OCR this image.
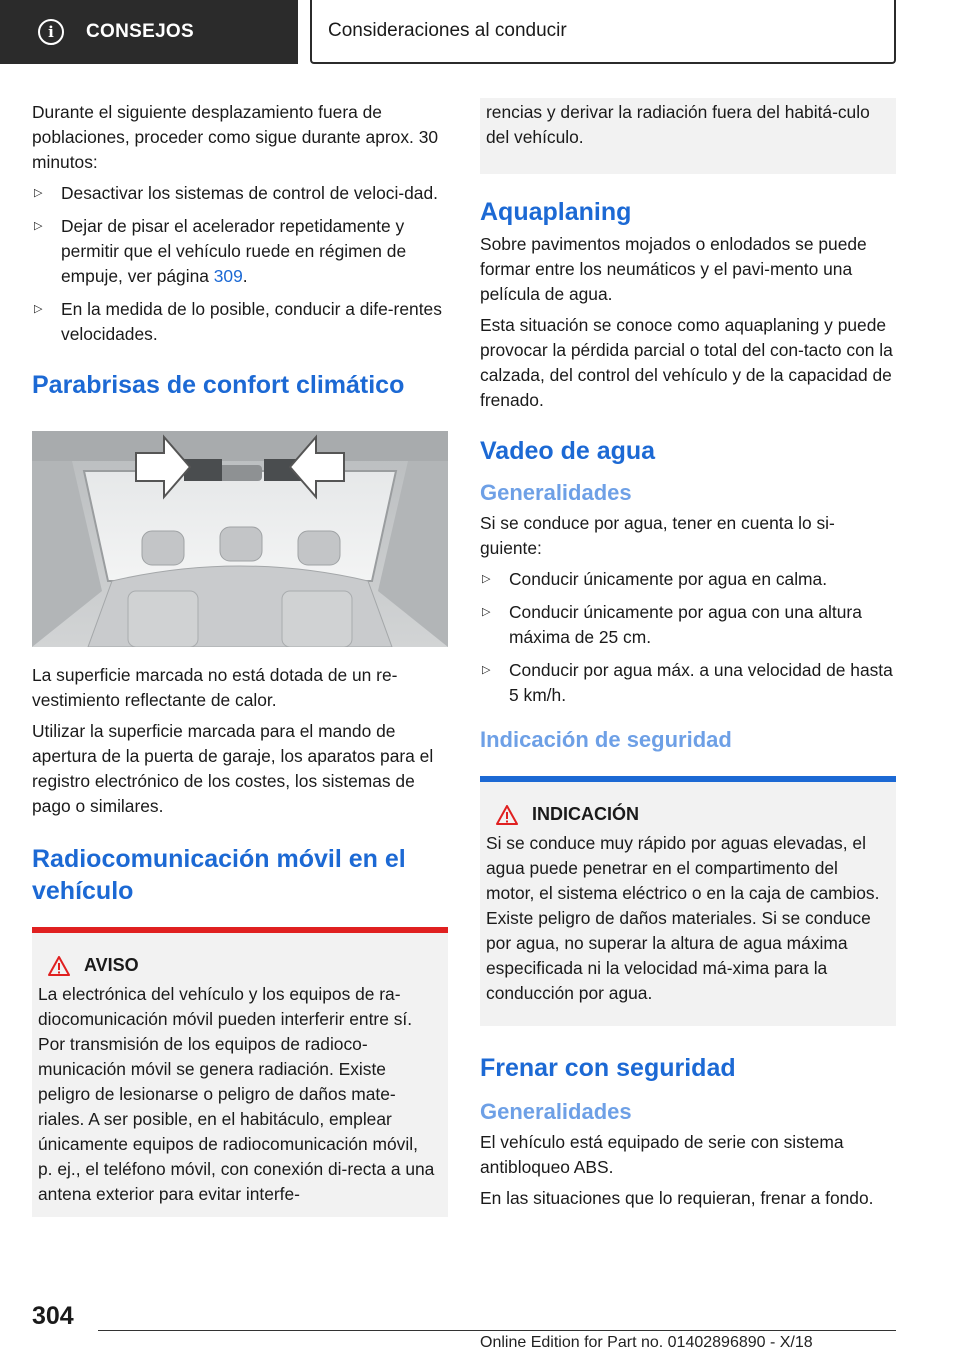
i	CONSEJOS	Consideraciones al conducir

Durante el siguiente desplazamiento fuera de poblaciones, proceder como sigue durante aprox. 30 minutos:

▷ Desactivar los sistemas de control de veloci‐dad.
▷ Dejar de pisar el acelerador repetidamente y permitir que el vehículo ruede en régimen de empuje, ver página 309.
▷ En la medida de lo posible, conducir a dife‐rentes velocidades.
Parabrisas de confort climático

La superficie marcada no está dotada de un re‐vestimiento reflectante de calor.

Utilizar la superficie marcada para el mando de apertura de la puerta de garaje, los aparatos para el registro electrónico de los costes, los sistemas de pago o similares.

Radiocomunicación móvil en el vehículo
AVISO

La electrónica del vehículo y los equipos de ra‐diocomunicación móvil pueden interferir entre sí. Por transmisión de los equipos de radioco‐municación móvil se genera radiación. Existe peligro de lesionarse o peligro de daños mate‐riales. A ser posible, en el habitáculo, emplear únicamente equipos de radiocomunicación móvil, p. ej., el teléfono móvil, con conexión di‐recta a una antena exterior para evitar interfe‐

rencias y derivar la radiación fuera del habitá‐culo del vehículo.

Aquaplaning

Sobre pavimentos mojados o enlodados se puede formar entre los neumáticos y el pavi‐mento una película de agua.

Esta situación se conoce como aquaplaning y puede provocar la pérdida parcial o total del con‐tacto con la calzada, del control del vehículo y de la capacidad de frenado.

Vadeo de agua
Generalidades

Si se conduce por agua, tener en cuenta lo si‐guiente:

▷ Conducir únicamente por agua en calma.
▷ Conducir únicamente por agua con una altura máxima de 25 cm.
▷ Conducir por agua máx. a una velocidad de hasta 5 km/h.
Indicación de seguridad
INDICACIÓN

Si se conduce muy rápido por aguas elevadas, el agua puede penetrar en el compartimento del motor, el sistema eléctrico o en la caja de cambios. Existe peligro de daños materiales. Si se conduce por agua, no superar la altura de agua máxima especificada ni la velocidad má‐xima para la conducción por agua.

Frenar con seguridad
Generalidades

El vehículo está equipado de serie con sistema antibloqueo ABS.

En las situaciones que lo requieran, frenar a fondo.

304
Online Edition for Part no. 01402896890 - X/18
